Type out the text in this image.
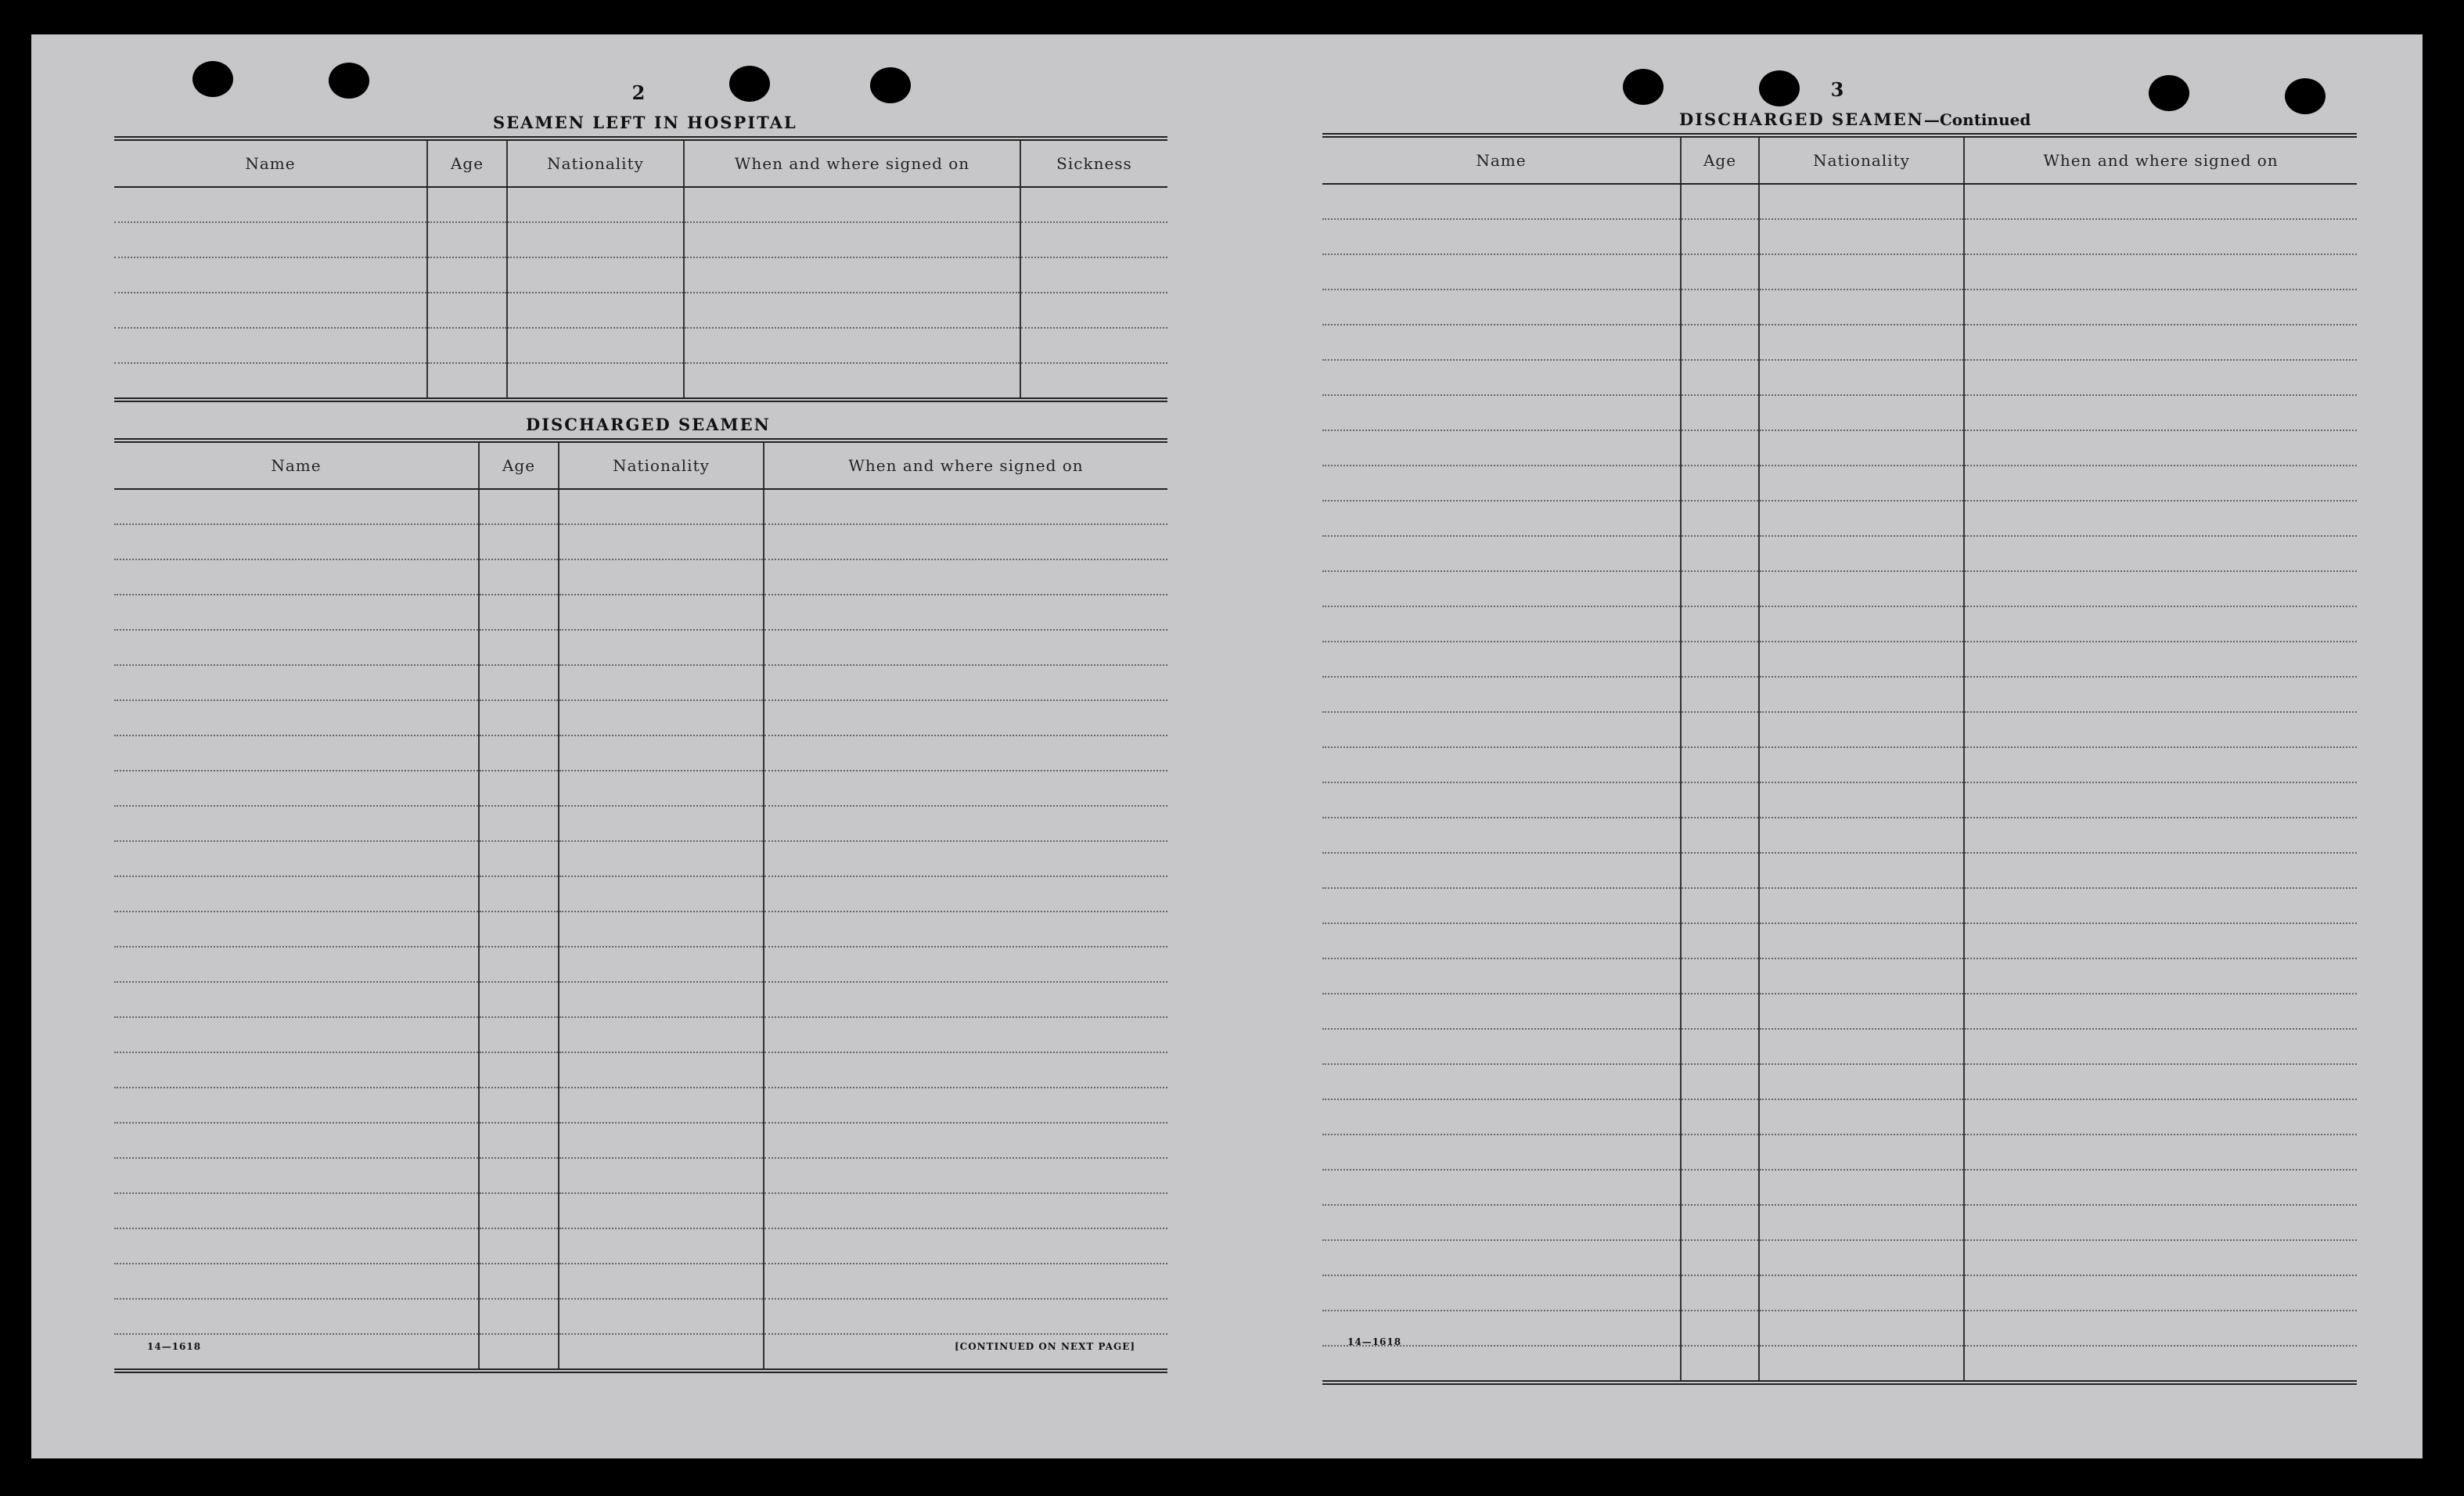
2
SEAMEN LEFT IN HOSPITAL
Name	Age	Nationality	When and where signed on	Sickness

DISCHARGED SEAMEN
Name	Age	Nationality	When and where signed on

14—1618	[CONTINUED ON NEXT PAGE]
3
DISCHARGED SEAMEN—Continued
Name	Age	Nationality	When and where signed on

14—1618
